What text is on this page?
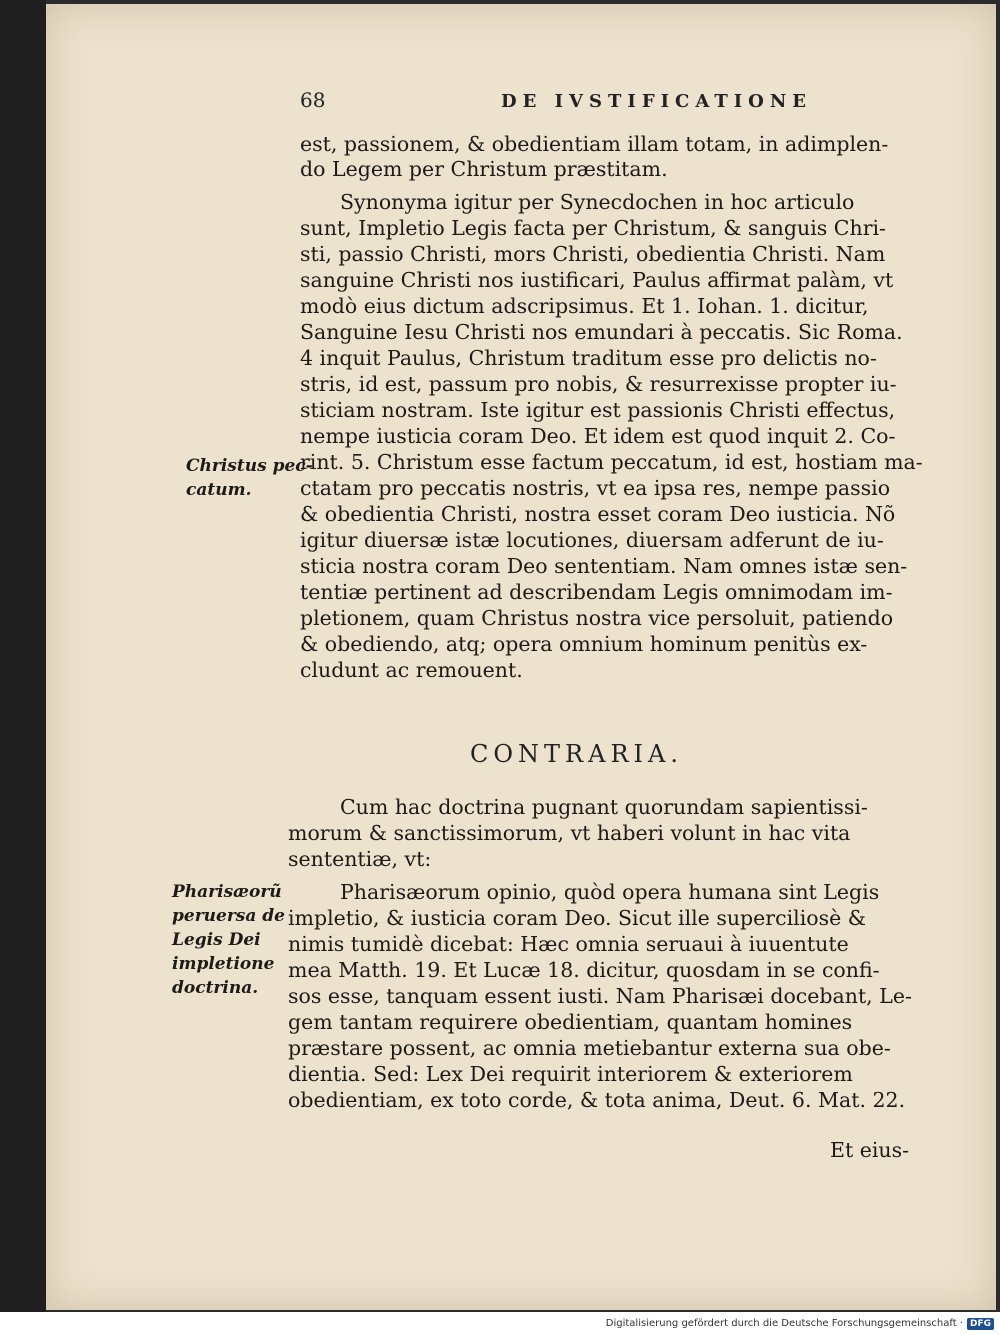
68	DE IVSTIFICATIONE
est, passionem, & obedientiam illam totam, in adimplen-
do Legem per Christum præstitam.
Synonyma igitur per Synecdochen in hoc articulo
sunt, Impletio Legis facta per Christum, & sanguis Chri-
sti, passio Christi, mors Christi, obedientia Christi. Nam
sanguine Christi nos iustificari, Paulus affirmat palàm, vt
modò eius dictum adscripsimus. Et 1. Iohan. 1. dicitur,
Sanguine Iesu Christi nos emundari à peccatis. Sic Roma.
4 inquit Paulus, Christum traditum esse pro delictis no-
stris, id est, passum pro nobis, & resurrexisse propter iu-
sticiam nostram. Iste igitur est passionis Christi effectus,
nempe iusticia coram Deo. Et idem est quod inquit 2. Co-
rint. 5. Christum esse factum peccatum, id est, hostiam ma-
ctatam pro peccatis nostris, vt ea ipsa res, nempe passio
& obedientia Christi, nostra esset coram Deo iusticia. Nõ
igitur diuersæ istæ locutiones, diuersam adferunt de iu-
sticia nostra coram Deo sententiam. Nam omnes istæ sen-
tentiæ pertinent ad describendam Legis omnimodam im-
pletionem, quam Christus nostra vice persoluit, patiendo
& obediendo, atq; opera omnium hominum penitùs ex-
cludunt ac remouent.
Christus pec-
catum.
CONTRARIA.
Cum hac doctrina pugnant quorundam sapientissi-
morum & sanctissimorum, vt haberi volunt in hac vita
sententiæ, vt:
Pharisæorum opinio, quòd opera humana sint Legis
impletio, & iusticia coram Deo. Sicut ille superciliosè &
nimis tumidè dicebat: Hæc omnia seruaui à iuuentute
mea Matth. 19. Et Lucæ 18. dicitur, quosdam in se confi-
sos esse, tanquam essent iusti. Nam Pharisæi docebant, Le-
gem tantam requirere obedientiam, quantam homines
præstare possent, ac omnia metiebantur externa sua obe-
dientia. Sed: Lex Dei requirit interiorem & exteriorem
obedientiam, ex toto corde, & tota anima, Deut. 6. Mat. 22.
Pharisæorũ
peruersa de
Legis Dei
impletione
doctrina.
Et eius-
Digitalisierung gefördert durch die Deutsche Forschungsgemeinschaft · DFG
